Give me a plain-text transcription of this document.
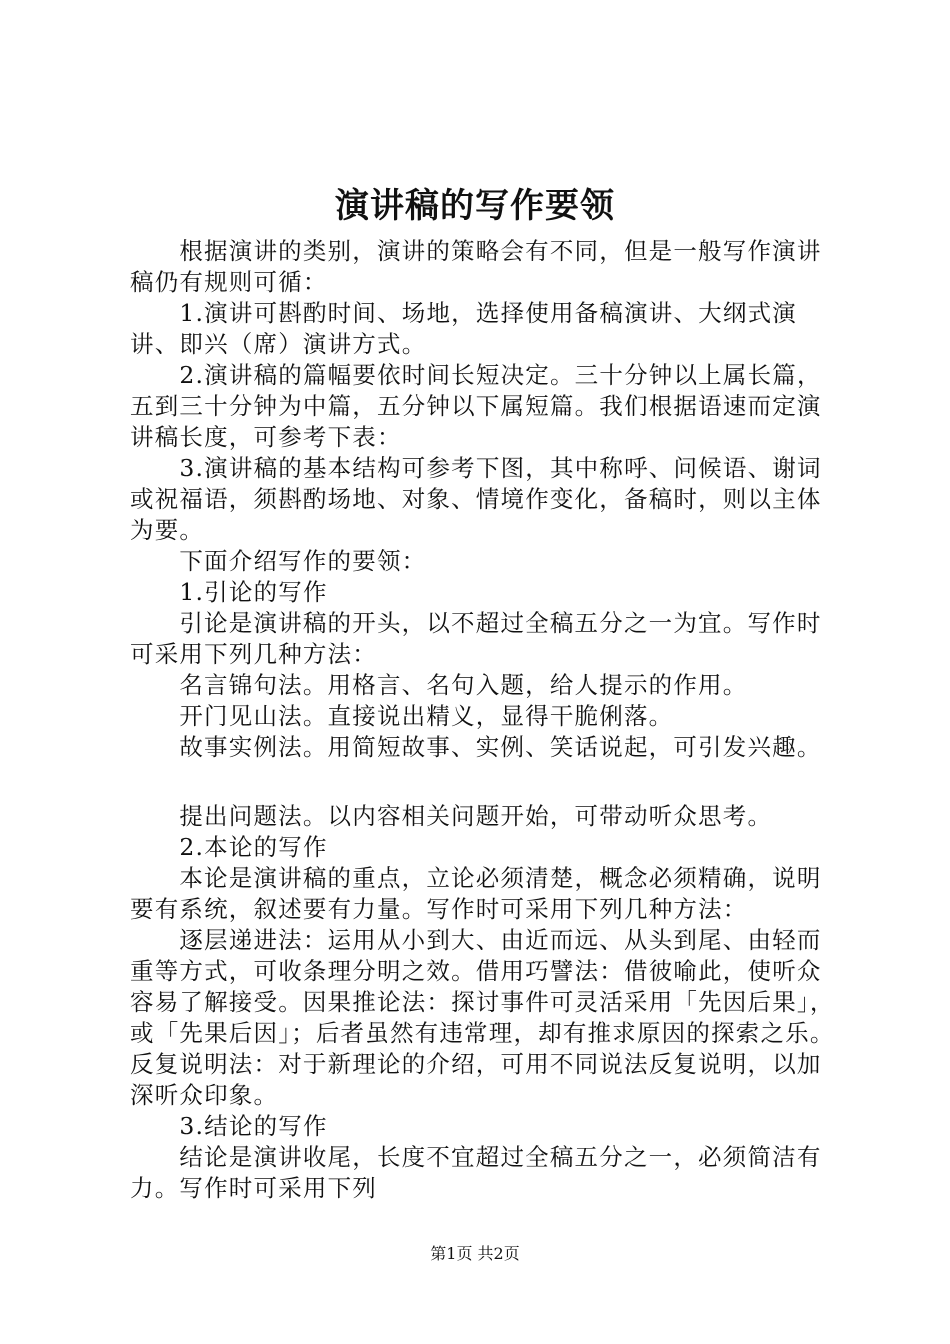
演讲稿的写作要领

根据演讲的类别，演讲的策略会有不同，但是一般写作演讲稿仍有规则可循：

1.演讲可斟酌时间、场地，选择使用备稿演讲、大纲式演讲、即兴（席）演讲方式。

2.演讲稿的篇幅要依时间长短决定。三十分钟以上属长篇，五到三十分钟为中篇，五分钟以下属短篇。我们根据语速而定演讲稿长度，可参考下表：

3.演讲稿的基本结构可参考下图，其中称呼、问候语、谢词或祝福语，须斟酌场地、对象、情境作变化，备稿时，则以主体为要。

下面介绍写作的要领：

1.引论的写作

引论是演讲稿的开头，以不超过全稿五分之一为宜。写作时可采用下列几种方法：

名言锦句法。用格言、名句入题，给人提示的作用。

开门见山法。直接说出精义，显得干脆俐落。

故事实例法。用简短故事、实例、笑话说起，可引发兴趣。

提出问题法。以内容相关问题开始，可带动听众思考。

2.本论的写作

本论是演讲稿的重点，立论必须清楚，概念必须精确，说明要有系统，叙述要有力量。写作时可采用下列几种方法：

逐层递进法：运用从小到大、由近而远、从头到尾、由轻而重等方式，可收条理分明之效。借用巧譬法：借彼喻此，使听众容易了解接受。因果推论法：探讨事件可灵活采用「先因后果」，或「先果后因」；后者虽然有违常理，却有推求原因的探索之乐。反复说明法：对于新理论的介绍，可用不同说法反复说明，以加深听众印象。

3.结论的写作

结论是演讲收尾，长度不宜超过全稿五分之一，必须简洁有力。写作时可采用下列

第1页 共2页
